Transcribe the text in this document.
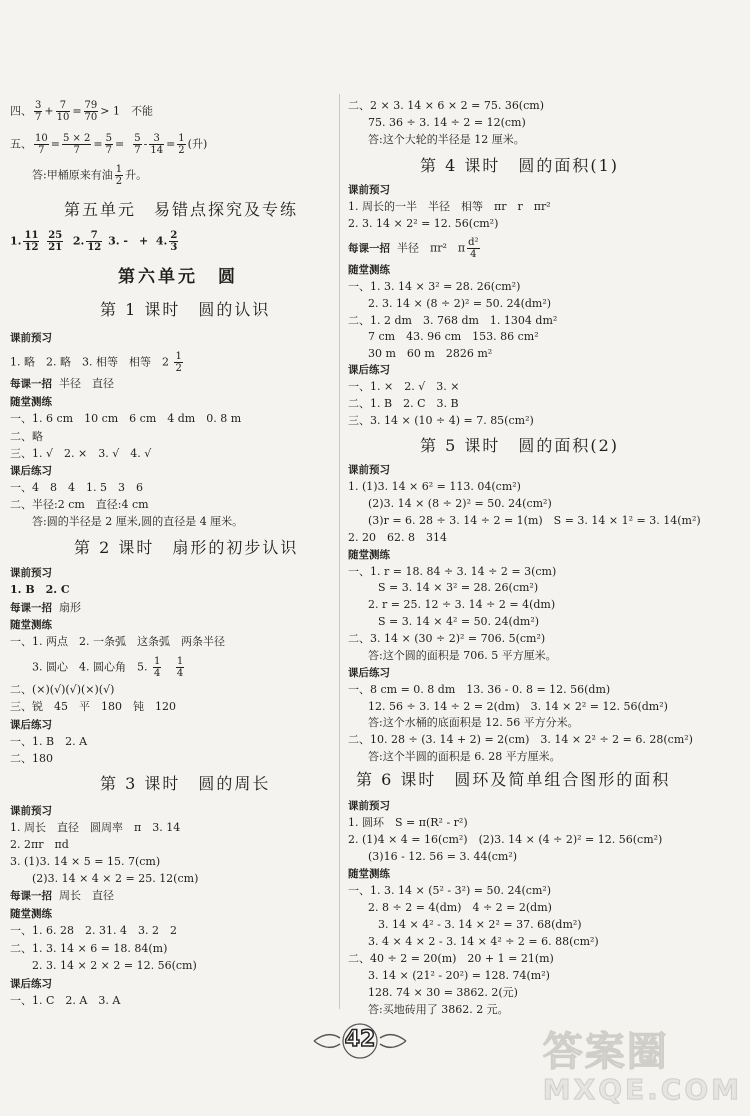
四、 $\frac{3}{7} + \frac{7}{10} = \frac{79}{70} > 1$　不能
五、 $\frac{10}{7} = \frac{5 \times 2}{7} = \frac{5}{7} = \frac{5}{7} - \frac{3}{14} = \frac{1}{2}$ (升)
答:甲桶原来有油 $\frac{1}{2}$ 升。
第五单元　易错点探究及专练
1. $\frac{11}{12}$
$\frac{25}{21} 2$. $\frac{7}{12} 3$. -　+ 4. $\frac{2}{3}$
第六单元　圆
第 1 课时　圆的认识
课前预习
1. 略　2. 略　3. 相等　相等　$2 \frac{1}{2}$
每课一招 半径　直径
随堂测练
一、1. 6 cm　10 cm　6 cm　4 dm　0. 8 m
二、略
三、1. √　2. ×　3. √　4. √
课后练习
一、4　8　4　1. 5　3　6
二、半径:2 cm　直径:4 cm
答:圆的半径是 2 厘米,圆的直径是 4 厘米。
第 2 课时　扇形的初步认识
课前预习
1. B　2. C
每课一招 扇形
随堂测练
一、1. 两点　2. 一条弧　这条弧　两条半径
3. 圆心　4. 圆心角　5. $\frac{1}{4}$
$\frac{1}{4}$
二、(×)(√)(√)(×)(√)
三、锐　45　平　180　钝　120
课后练习
一、1. B　2. A
二、180
第 3 课时　圆的周长
课前预习
1. 周长　直径　圆周率　π　3. 14
2. 2πr　πd
3. (1)3. 14 × 5 = 15. 7(cm)
(2)3. 14 × 4 × 2 = 25. 12(cm)
每课一招 周长　直径
随堂测练
一、1. 6. 28　2. 31. 4　3. 2　2
二、1. 3. 14 × 6 = 18. 84(m)
2. 3. 14 × 2 × 2 = 12. 56(cm)
课后练习
一、1. C　2. A　3. A
二、2 × 3. 14 × 6 × 2 = 75. 36(cm)
75. 36 ÷ 3. 14 ÷ 2 = 12(cm)
答:这个大轮的半径是 12 厘米。
第 4 课时　圆的面积(1)
课前预习
1. 周长的一半　半径　相等　πr　r　πr²
2. 3. 14 × 2² = 12. 56(cm²)
每课一招 半径　πr²　π $\frac{\text{d²}}{4}$
随堂测练
一、1. 3. 14 × 3² = 28. 26(cm²)
2. 3. 14 × (8 ÷ 2)² = 50. 24(dm²)
二、1. 2 dm　3. 768 dm　1. 1304 dm²
7 cm　43. 96 cm　153. 86 cm²
30 m　60 m　2826 m²
课后练习
一、1. ×　2. √　3. ×
二、1. B　2. C　3. B
三、3. 14 × (10 ÷ 4) = 7. 85(cm²)
第 5 课时　圆的面积(2)
课前预习
1. (1)3. 14 × 6² = 113. 04(cm²)
(2)3. 14 × (8 ÷ 2)² = 50. 24(cm²)
(3)r = 6. 28 ÷ 3. 14 ÷ 2 = 1(m)　S = 3. 14 × 1² = 3. 14(m²)
2. 20　62. 8　314
随堂测练
一、1. r = 18. 84 ÷ 3. 14 ÷ 2 = 3(cm)
S = 3. 14 × 3² = 28. 26(cm²)
2. r = 25. 12 ÷ 3. 14 ÷ 2 = 4(dm)
S = 3. 14 × 4² = 50. 24(dm²)
二、3. 14 × (30 ÷ 2)² = 706. 5(cm²)
答:这个圆的面积是 706. 5 平方厘米。
课后练习
一、8 cm = 0. 8 dm　13. 36 - 0. 8 = 12. 56(dm)
12. 56 ÷ 3. 14 ÷ 2 = 2(dm)　3. 14 × 2² = 12. 56(dm²)
答:这个水桶的底面积是 12. 56 平方分米。
二、10. 28 ÷ (3. 14 + 2) = 2(cm)　3. 14 × 2² ÷ 2 = 6. 28(cm²)
答:这个半圆的面积是 6. 28 平方厘米。
第 6 课时　圆环及简单组合图形的面积
课前预习
1. 圆环　S = π(R² - r²)
2. (1)4 × 4 = 16(cm²)　(2)3. 14 × (4 ÷ 2)² = 12. 56(cm²)
(3)16 - 12. 56 = 3. 44(cm²)
随堂测练
一、1. 3. 14 × (5² - 3²) = 50. 24(cm²)
2. 8 ÷ 2 = 4(dm)　4 ÷ 2 = 2(dm)
3. 14 × 4² - 3. 14 × 2² = 37. 68(dm²)
3. 4 × 4 × 2 - 3. 14 × 4² ÷ 2 = 6. 88(cm²)
二、40 ÷ 2 = 20(m)　20 + 1 = 21(m)
3. 14 × (21² - 20²) = 128. 74(m²)
128. 74 × 30 = 3862. 2(元)
答:买地砖用了 3862. 2 元。
42	答案圈
MXQE.COM
